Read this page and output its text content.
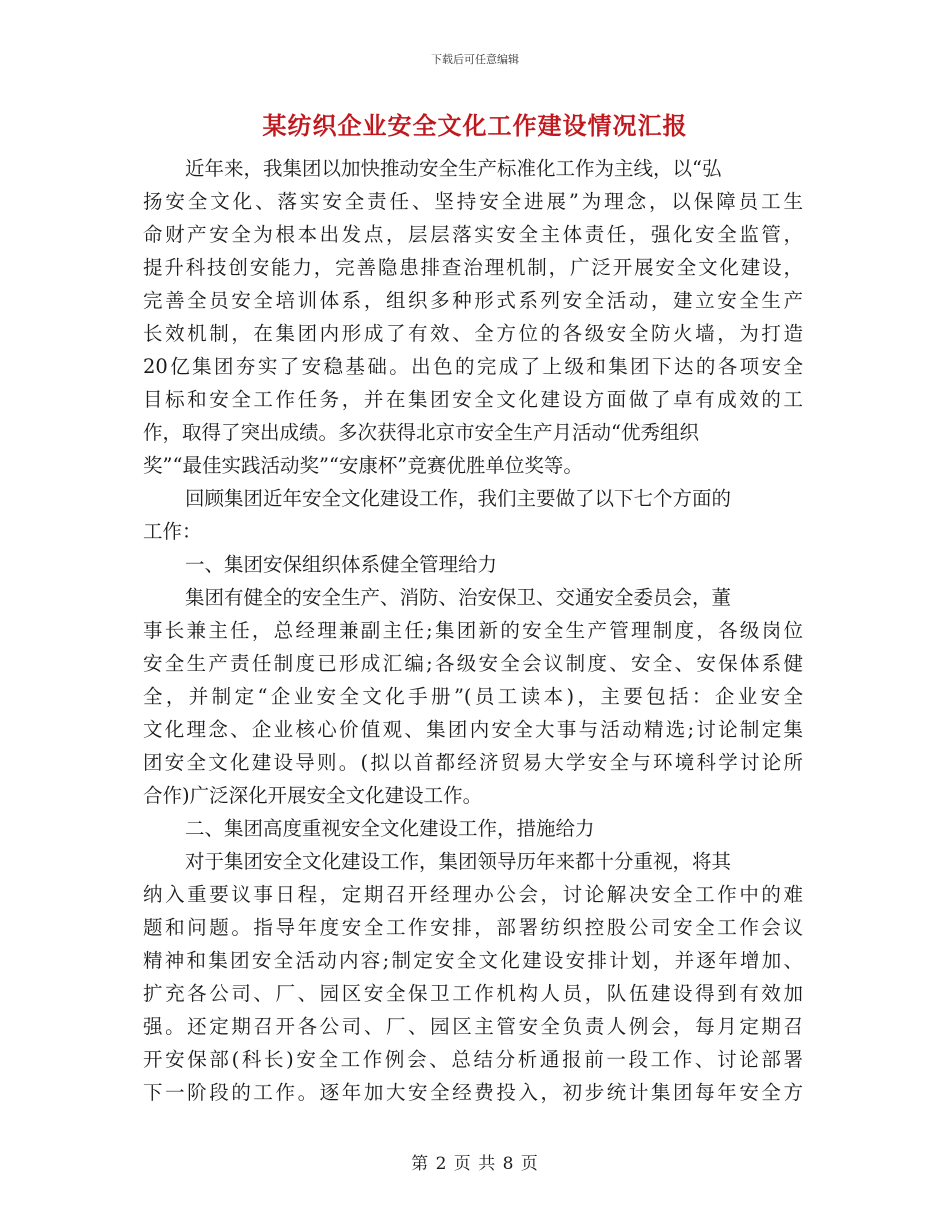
下载后可任意编辑
某纺织企业安全文化工作建设情况汇报
近年来，我集团以加快推动安全生产标准化工作为主线，以“弘
扬安全文化、落实安全责任、坚持安全进展”为理念，以保障员工生
命财产安全为根本出发点，层层落实安全主体责任，强化安全监管，
提升科技创安能力，完善隐患排查治理机制，广泛开展安全文化建设，
完善全员安全培训体系，组织多种形式系列安全活动，建立安全生产
长效机制，在集团内形成了有效、全方位的各级安全防火墙，为打造
20亿集团夯实了安稳基础。出色的完成了上级和集团下达的各项安全
目标和安全工作任务，并在集团安全文化建设方面做了卓有成效的工
作，取得了突出成绩。多次获得北京市安全生产月活动“优秀组织
奖”“最佳实践活动奖”“安康杯”竞赛优胜单位奖等。
回顾集团近年安全文化建设工作，我们主要做了以下七个方面的
工作：
一、集团安保组织体系健全管理给力
集团有健全的安全生产、消防、治安保卫、交通安全委员会，董
事长兼主任，总经理兼副主任;集团新的安全生产管理制度，各级岗位
安全生产责任制度已形成汇编;各级安全会议制度、安全、安保体系健
全，并制定“企业安全文化手册”(员工读本)，主要包括：企业安全
文化理念、企业核心价值观、集团内安全大事与活动精选;讨论制定集
团安全文化建设导则。(拟以首都经济贸易大学安全与环境科学讨论所
合作)广泛深化开展安全文化建设工作。
二、集团高度重视安全文化建设工作，措施给力
对于集团安全文化建设工作，集团领导历年来都十分重视，将其
纳入重要议事日程，定期召开经理办公会，讨论解决安全工作中的难
题和问题。指导年度安全工作安排，部署纺织控股公司安全工作会议
精神和集团安全活动内容;制定安全文化建设安排计划，并逐年增加、
扩充各公司、厂、园区安全保卫工作机构人员，队伍建设得到有效加
强。还定期召开各公司、厂、园区主管安全负责人例会，每月定期召
开安保部(科长)安全工作例会、总结分析通报前一段工作、讨论部署
下一阶段的工作。逐年加大安全经费投入，初步统计集团每年安全方
第 2 页 共 8 页
